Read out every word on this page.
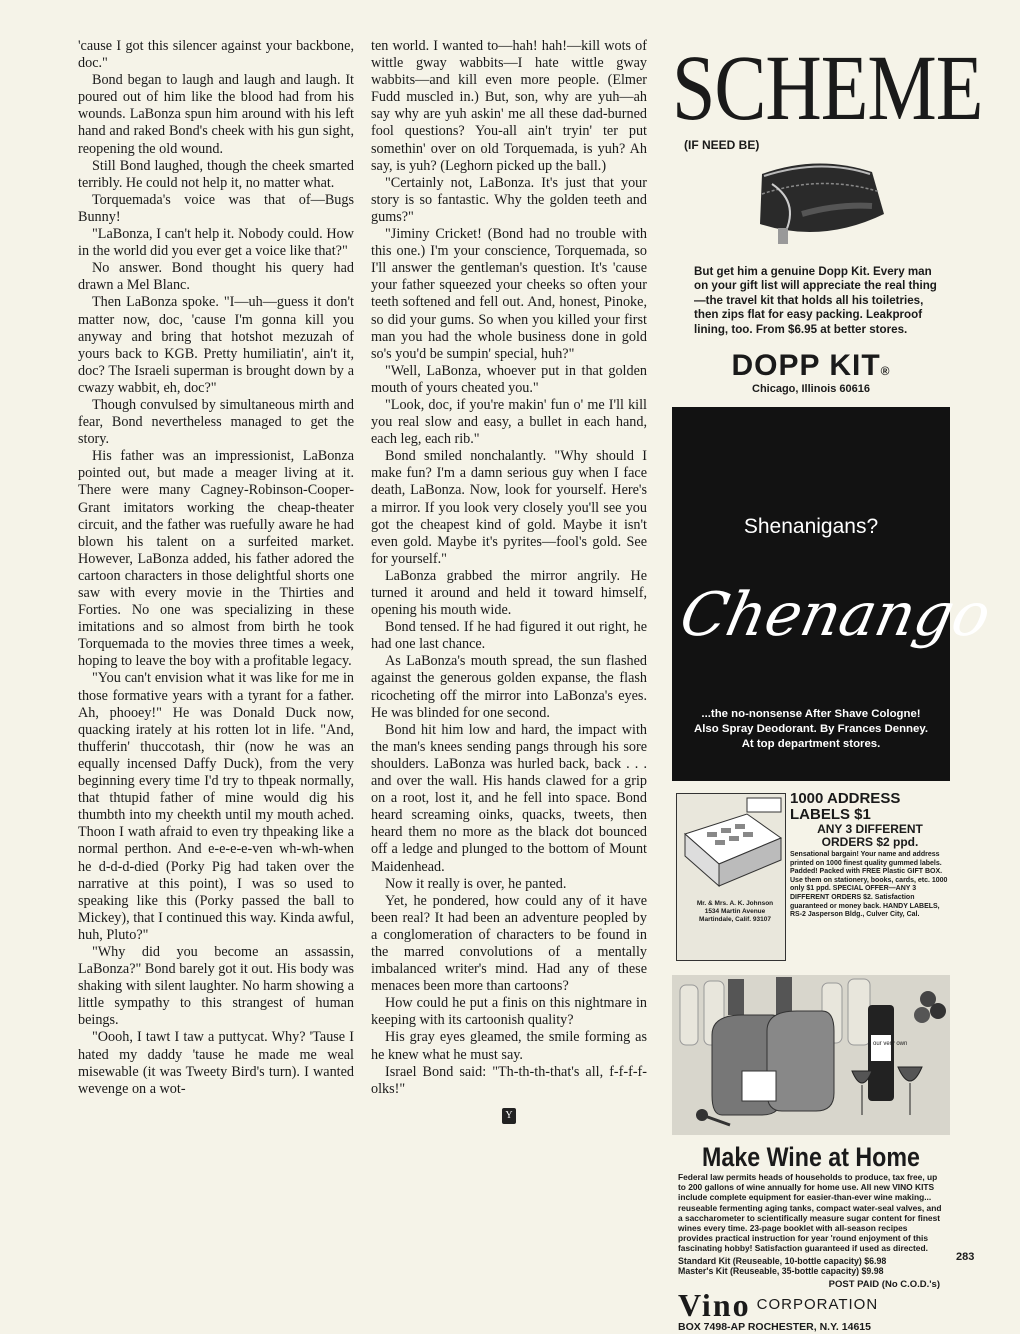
'cause I got this silencer against your backbone, doc."

Bond began to laugh and laugh and laugh. It poured out of him like the blood had from his wounds. LaBonza spun him around with his left hand and raked Bond's cheek with his gun sight, reopening the old wound.

Still Bond laughed, though the cheek smarted terribly. He could not help it, no matter what.

Torquemada's voice was that of—Bugs Bunny!

"LaBonza, I can't help it. Nobody could. How in the world did you ever get a voice like that?"

No answer. Bond thought his query had drawn a Mel Blanc.

Then LaBonza spoke. "I—uh—guess it don't matter now, doc, 'cause I'm gonna kill you anyway and bring that hotshot mezuzah of yours back to KGB. Pretty humiliatin', ain't it, doc? The Israeli superman is brought down by a cwazy wabbit, eh, doc?"

Though convulsed by simultaneous mirth and fear, Bond nevertheless managed to get the story.

His father was an impressionist, LaBonza pointed out, but made a meager living at it. There were many Cagney-Robinson-Cooper-Grant imitators working the cheap-theater circuit, and the father was ruefully aware he had blown his talent on a surfeited market. However, LaBonza added, his father adored the cartoon characters in those delightful shorts one saw with every movie in the Thirties and Forties. No one was specializing in these imitations and so almost from birth he took Torquemada to the movies three times a week, hoping to leave the boy with a profitable legacy.

"You can't envision what it was like for me in those formative years with a tyrant for a father. Ah, phooey!" He was Donald Duck now, quacking irately at his rotten lot in life. "And, thufferin' thuccotash, thir (now he was an equally incensed Daffy Duck), from the very beginning every time I'd try to thpeak normally, that thtupid father of mine would dig his thumbth into my cheekth until my mouth ached. Thoon I wath afraid to even try thpeaking like a normal perthon. And e-e-e-e-ven wh-wh-when he d-d-d-died (Porky Pig had taken over the narrative at this point), I was so used to speaking like this (Porky passed the ball to Mickey), that I continued this way. Kinda awful, huh, Pluto?"

"Why did you become an assassin, LaBonza?" Bond barely got it out. His body was shaking with silent laughter. No harm showing a little sympathy to this strangest of human beings.

"Oooh, I tawt I taw a puttycat. Why? 'Tause I hated my daddy 'tause he made me weal misewable (it was Tweety Bird's turn). I wanted wevenge on a wot-

ten world. I wanted to—hah! hah!—kill wots of wittle gway wabbits—I hate wittle gway wabbits—and kill even more people. (Elmer Fudd muscled in.) But, son, why are yuh—ah say why are yuh askin' me all these dad-burned fool questions? You-all ain't tryin' ter put somethin' over on old Torquemada, is yuh? Ah say, is yuh? (Leghorn picked up the ball.)

"Certainly not, LaBonza. It's just that your story is so fantastic. Why the golden teeth and gums?"

"Jiminy Cricket! (Bond had no trouble with this one.) I'm your conscience, Torquemada, so I'll answer the gentleman's question. It's 'cause your father squeezed your cheeks so often your teeth softened and fell out. And, honest, Pinoke, so did your gums. So when you killed your first man you had the whole business done in gold so's you'd be sumpin' special, huh?"

"Well, LaBonza, whoever put in that golden mouth of yours cheated you."

"Look, doc, if you're makin' fun o' me I'll kill you real slow and easy, a bullet in each hand, each leg, each rib."

Bond smiled nonchalantly. "Why should I make fun? I'm a damn serious guy when I face death, LaBonza. Now, look for yourself. Here's a mirror. If you look very closely you'll see you got the cheapest kind of gold. Maybe it isn't even gold. Maybe it's pyrites—fool's gold. See for yourself."

LaBonza grabbed the mirror angrily. He turned it around and held it toward himself, opening his mouth wide.

Bond tensed. If he had figured it out right, he had one last chance.

As LaBonza's mouth spread, the sun flashed against the generous golden expanse, the flash ricocheting off the mirror into LaBonza's eyes. He was blinded for one second.

Bond hit him low and hard, the impact with the man's knees sending pangs through his sore shoulders. LaBonza was hurled back, back . . . and over the wall. His hands clawed for a grip on a root, lost it, and he fell into space. Bond heard screaming oinks, quacks, tweets, then heard them no more as the black dot bounced off a ledge and plunged to the bottom of Mount Maidenhead.

Now it really is over, he panted.

Yet, he pondered, how could any of it have been real? It had been an adventure peopled by a conglomeration of characters to be found in the marred convolutions of a mentally imbalanced writer's mind. Had any of these menaces been more than cartoons?

How could he put a finis on this nightmare in keeping with its cartoonish quality?

His gray eyes gleamed, the smile forming as he knew what he must say.

Israel Bond said: "Th-th-th-that's all, f-f-f-f-olks!"

Y
SCHEME
(IF NEED BE)
But get him a genuine Dopp Kit. Every man on your gift list will appreciate the real thing—the travel kit that holds all his toiletries, then zips flat for easy packing. Leakproof lining, too. From $6.95 at better stores.
DOPP KIT®
Chicago, Illinois 60616
Shenanigans?
Chenango
...the no-nonsense After Shave Cologne!
Also Spray Deodorant. By Frances Denney.
At top department stores.
Mr. & Mrs. A. K. Johnson
1534 Martin Avenue
Martindale, Calif. 93107
1000 ADDRESS LABELS $1
ANY 3 DIFFERENT ORDERS $2 ppd.
Sensational bargain! Your name and address printed on 1000 finest quality gummed labels. Padded! Packed with FREE Plastic GIFT BOX. Use them on stationery, books, cards, etc. 1000 only $1 ppd. SPECIAL OFFER—ANY 3 DIFFERENT ORDERS $2. Satisfaction guaranteed or money back. HANDY LABELS, RS-2 Jasperson Bldg., Culver City, Cal.
our very own
Make Wine at Home
Federal law permits heads of households to produce, tax free, up to 200 gallons of wine annually for home use. All new VINO KITS include complete equipment for easier-than-ever wine making... reuseable fermenting aging tanks, compact water-seal valves, and a saccharometer to scientifically measure sugar content for finest wines every time. 23-page booklet with all-season recipes provides practical instruction for year 'round enjoyment of this fascinating hobby! Satisfaction guaranteed if used as directed.
Standard Kit (Reuseable, 10-bottle capacity) $6.98
Master's Kit (Reuseable, 35-bottle capacity) $9.98
POST PAID (No C.O.D.'s)
Vino CORPORATION
BOX 7498-AP ROCHESTER, N.Y. 14615
283
